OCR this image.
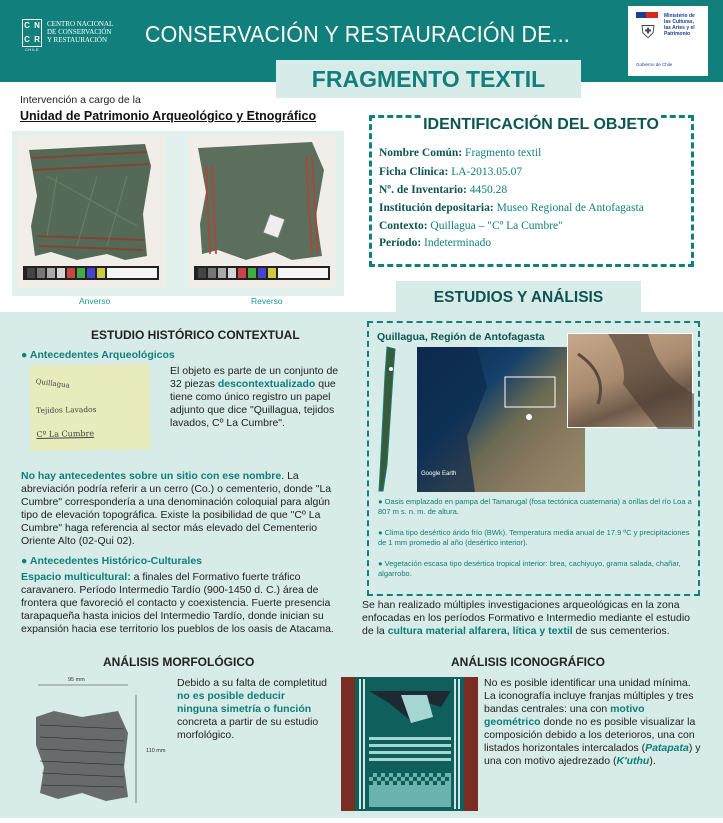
C N
C R
CHILE
CENTRO NACIONAL
DE CONSERVACIÓN
Y RESTAURACIÓN	CONSERVACIÓN Y RESTAURACIÓN DE...	⛨
Ministerio de
las Culturas,
las Artes y el
Patrimonio
Gobierno de Chile
FRAGMENTO TEXTIL
Intervención a cargo de la
Unidad de Patrimonio Arqueológico y Etnográfico
Anverso	Reverso
IDENTIFICACIÓN DEL OBJETO
Nombre Común: Fragmento textil
Ficha Clínica: LA-2013.05.07
Nº. de Inventario: 4450.28
Institución depositaria: Museo Regional de Antofagasta
Contexto: Quillagua – "Cº La Cumbre"
Período: Indeterminado
ESTUDIOS Y ANÁLISIS
ESTUDIO HISTÓRICO CONTEXTUAL
● Antecedentes Arqueológicos
Quillagua
Tejidos Lavados
Cº La Cumbre
El objeto es parte de un conjunto de 32 piezas descontextualizado que tiene como único registro un papel adjunto que dice "Quillagua, tejidos lavados, Cº La Cumbre".
No hay antecedentes sobre un sitio con ese nombre. La abreviación podría referir a un cerro (Co.) o cementerio, donde "La Cumbre" correspondería a una denominación coloquial para algún tipo de elevación topográfica. Existe la posibilidad de que "Cº La Cumbre" haga referencia al sector más elevado del Cementerio Oriente Alto (02-Qui 02).
● Antecedentes Histórico-Culturales
Espacio multicultural: a finales del Formativo fuerte tráfico caravanero. Período Intermedio Tardío (900-1450 d. C.) área de frontera que favoreció el contacto y coexistencia. Fuerte presencia tarapaqueña hasta inicios del Intermedio Tardío, donde inician su expansión hacia ese territorio los pueblos de los oasis de Atacama.
Quillagua, Región de Antofagasta
Google Earth
● Oasis emplazado en pampa del Tamarugal (fosa tectónica cuaternaria) a orillas del río Loa a 807 m s. n. m. de altura.
● Clima tipo desértico árido frío (BWk). Temperatura media anual de 17.9 ºC y precipitaciones de 1 mm promedio al año (desértico interior).
● Vegetación escasa tipo desértica tropical interior: brea, cachiyuyo, grama salada, chañar, algarrobo.
Se han realizado múltiples investigaciones arqueológicas en la zona enfocadas en los períodos Formativo e Intermedio mediante el estudio de la cultura material alfarera, lítica y textil de sus cementerios.
ANÁLISIS MORFOLÓGICO
95 mm
110 mm
Debido a su falta de completitud no es posible deducir ninguna simetría o función concreta a partir de su estudio morfológico.
ANÁLISIS ICONOGRÁFICO
No es posible identificar una unidad mínima. La iconografía incluye franjas múltiples y tres bandas centrales: una con motivo geométrico donde no es posible visualizar la composición debido a los deterioros, una con listados horizontales intercalados (Patapata) y una con motivo ajedrezado (K'uthu).
